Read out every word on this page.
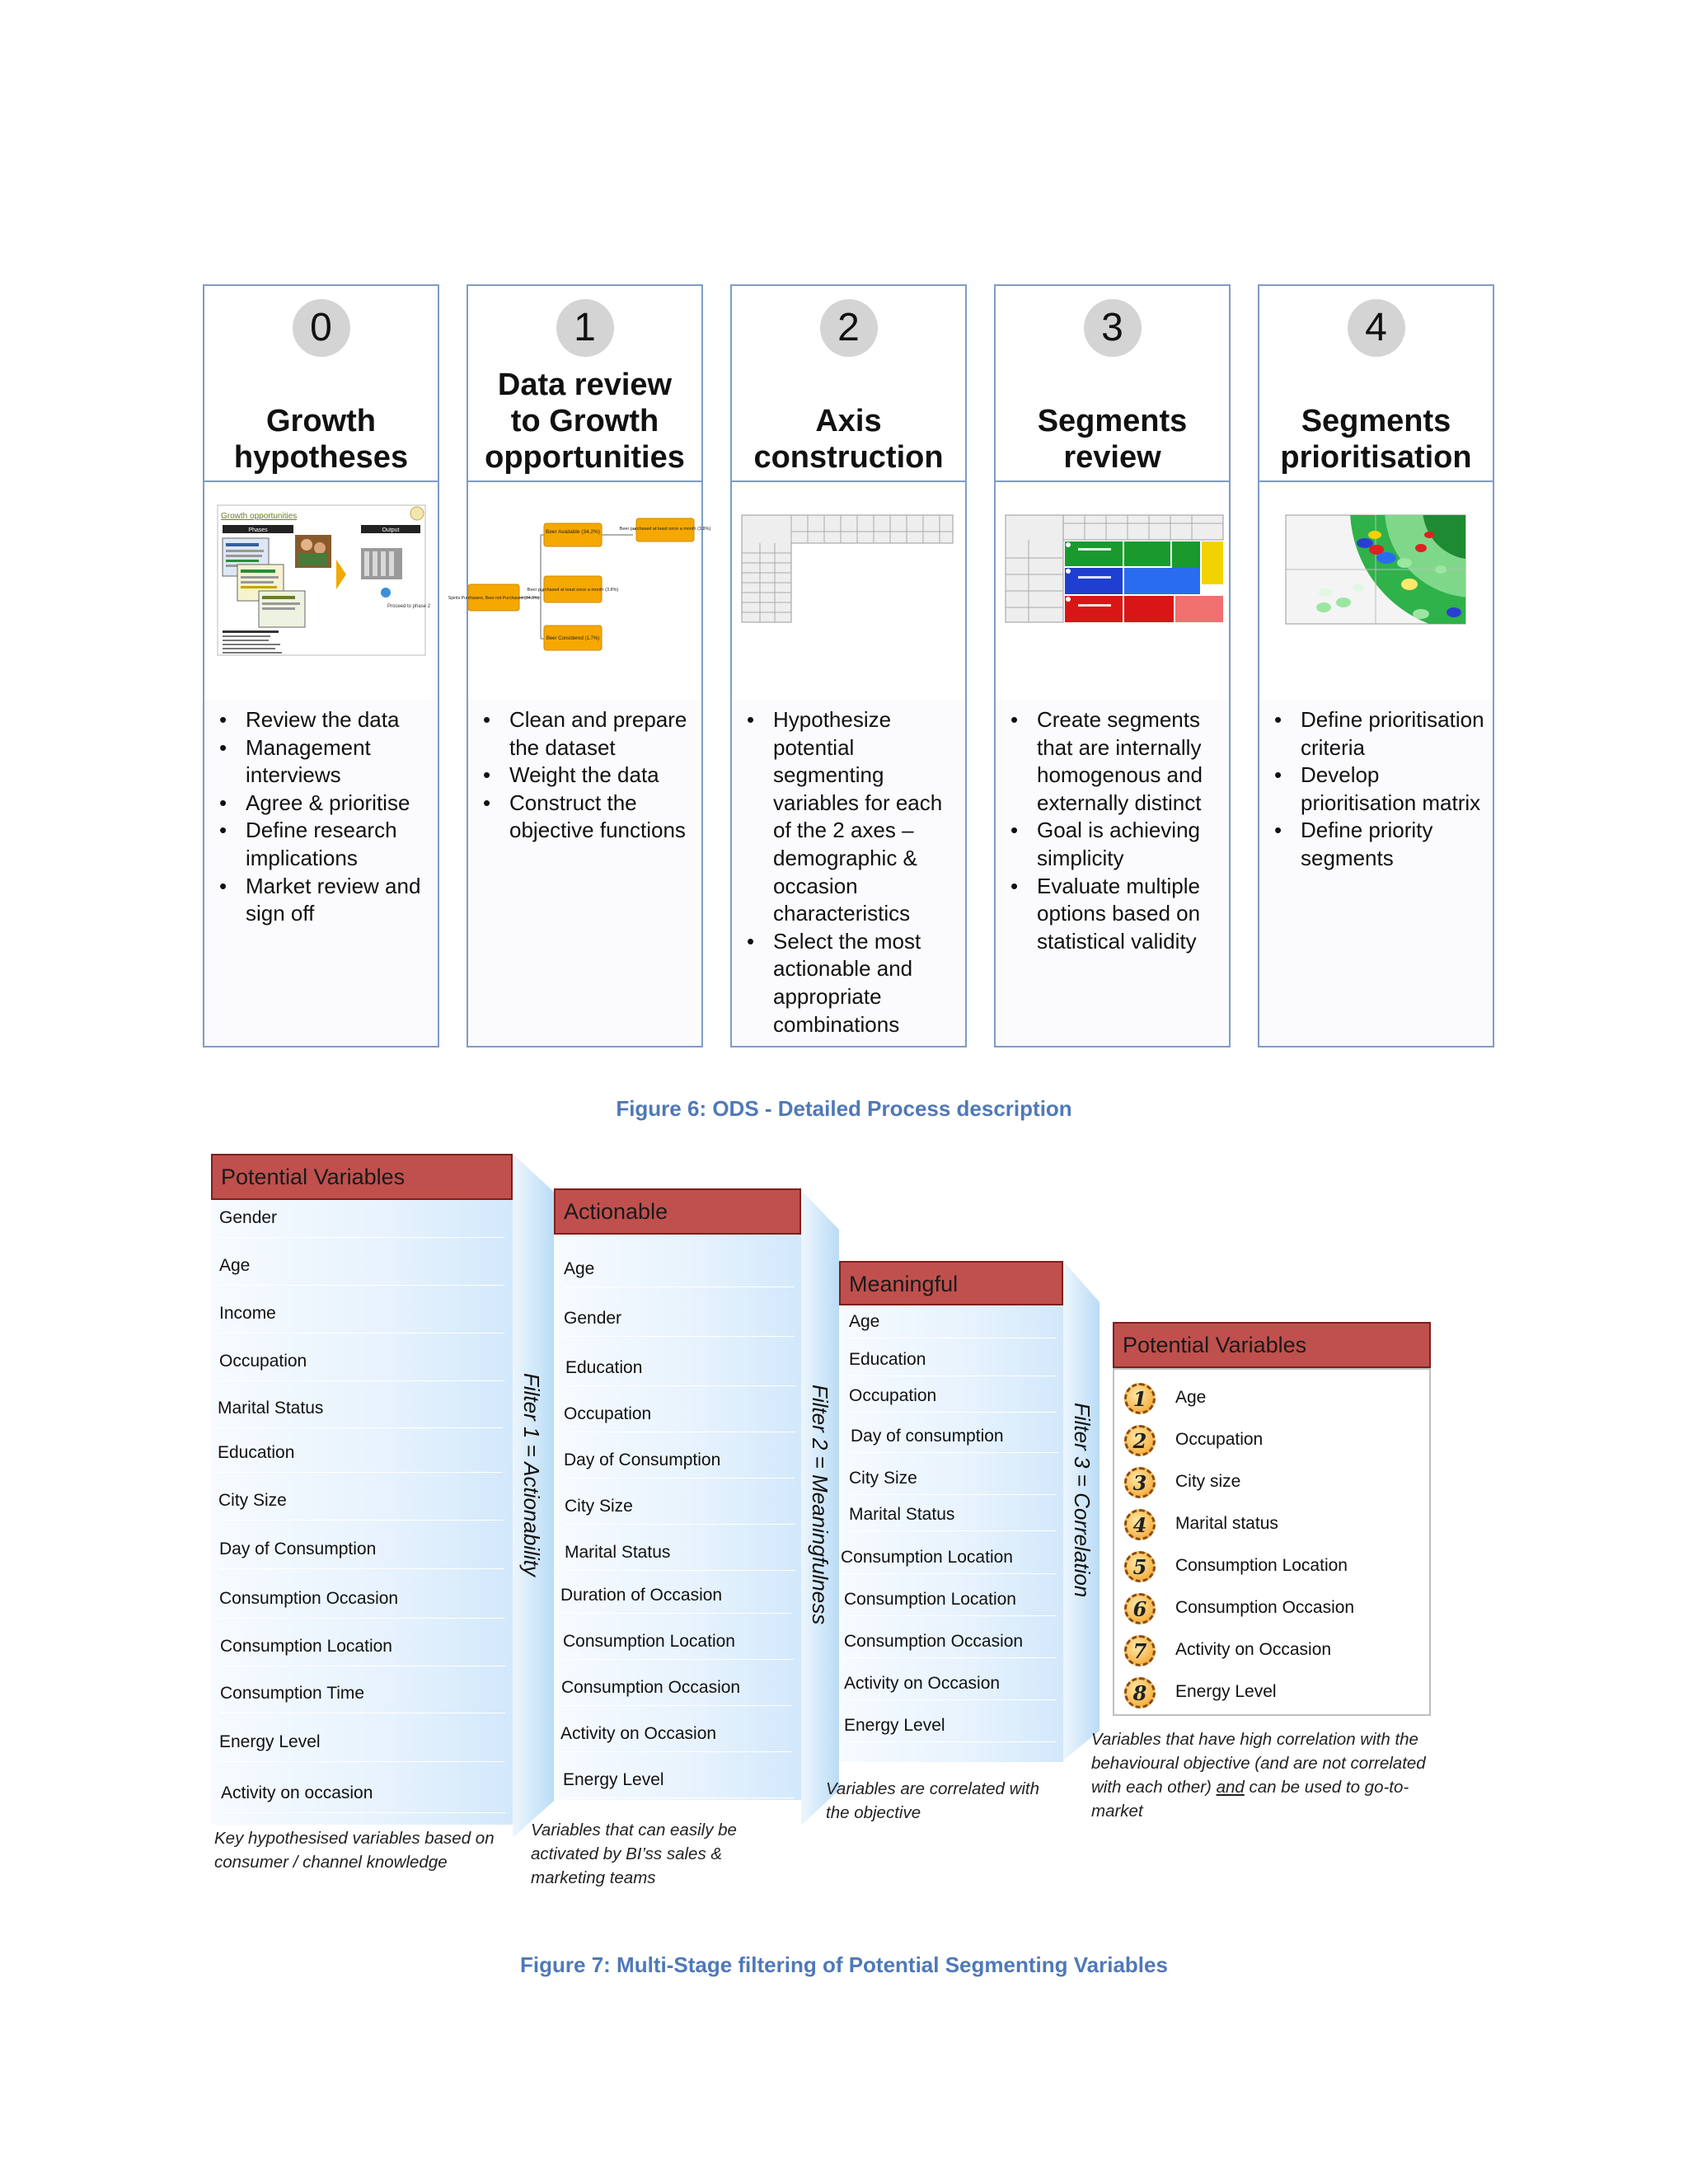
0
Growth
hypotheses
Growth opportunities
Phases	Output
Proceed to phase 2
• Review the data
• Management interviews
• Agree & prioritise
• Define research implications
• Market review and sign off
1
Data review
to Growth
opportunities
Beer Available (34.2%)	Beer purchased at least once a month (3.8%)
Spirits Purchasers, Beer not Purchased (34.3%)
Beer purchased at least once a month (3.8%)
Beer Considered (1.7%)
• Clean and prepare the dataset
• Weight the data
• Construct the objective functions
2
Axis
construction
• Hypothesize potential segmenting variables for each of the 2 axes – demographic & occasion characteristics
• Select the most actionable and appropriate combinations
3
Segments
review
• Create segments that are internally homogenous and externally distinct
• Goal is achieving simplicity
• Evaluate multiple options based on statistical validity
4
Segments
prioritisation
• Define prioritisation criteria
• Develop prioritisation matrix
• Define priority segments
Figure 6: ODS - Detailed Process description
Potential Variables
Gender
Age
Income
Occupation
Marital Status
Education
City Size
Day of Consumption
Consumption Occasion
Consumption Location
Consumption Time
Energy Level
Activity on occasion
Key hypothesised variables based on consumer / channel knowledge
Filter 1 = Actionability
Actionable
Age
Gender
Education
Occupation
Day of Consumption
City Size
Marital Status
Duration of Occasion
Consumption Location
Consumption Occasion
Activity on Occasion
Energy Level
Variables that can easily be activated by BI’ss sales & marketing teams
Filter 2 = Meaningfulness
Meaningful
Age
Education
Occupation
Day of consumption
City Size
Marital Status
Consumption Location
Consumption Location
Consumption Occasion
Activity on Occasion
Energy Level
Variables are correlated with the objective
Filter 3 = Correlation
Potential Variables
1	Age
2	Occupation
3	City size
4	Marital status
5	Consumption Location
6	Consumption Occasion
7	Activity on Occasion
8	Energy Level
Variables that have high correlation with the behavioural objective (and are not correlated with each other) and can be used to go-to-market
Figure 7: Multi-Stage filtering of Potential Segmenting Variables
